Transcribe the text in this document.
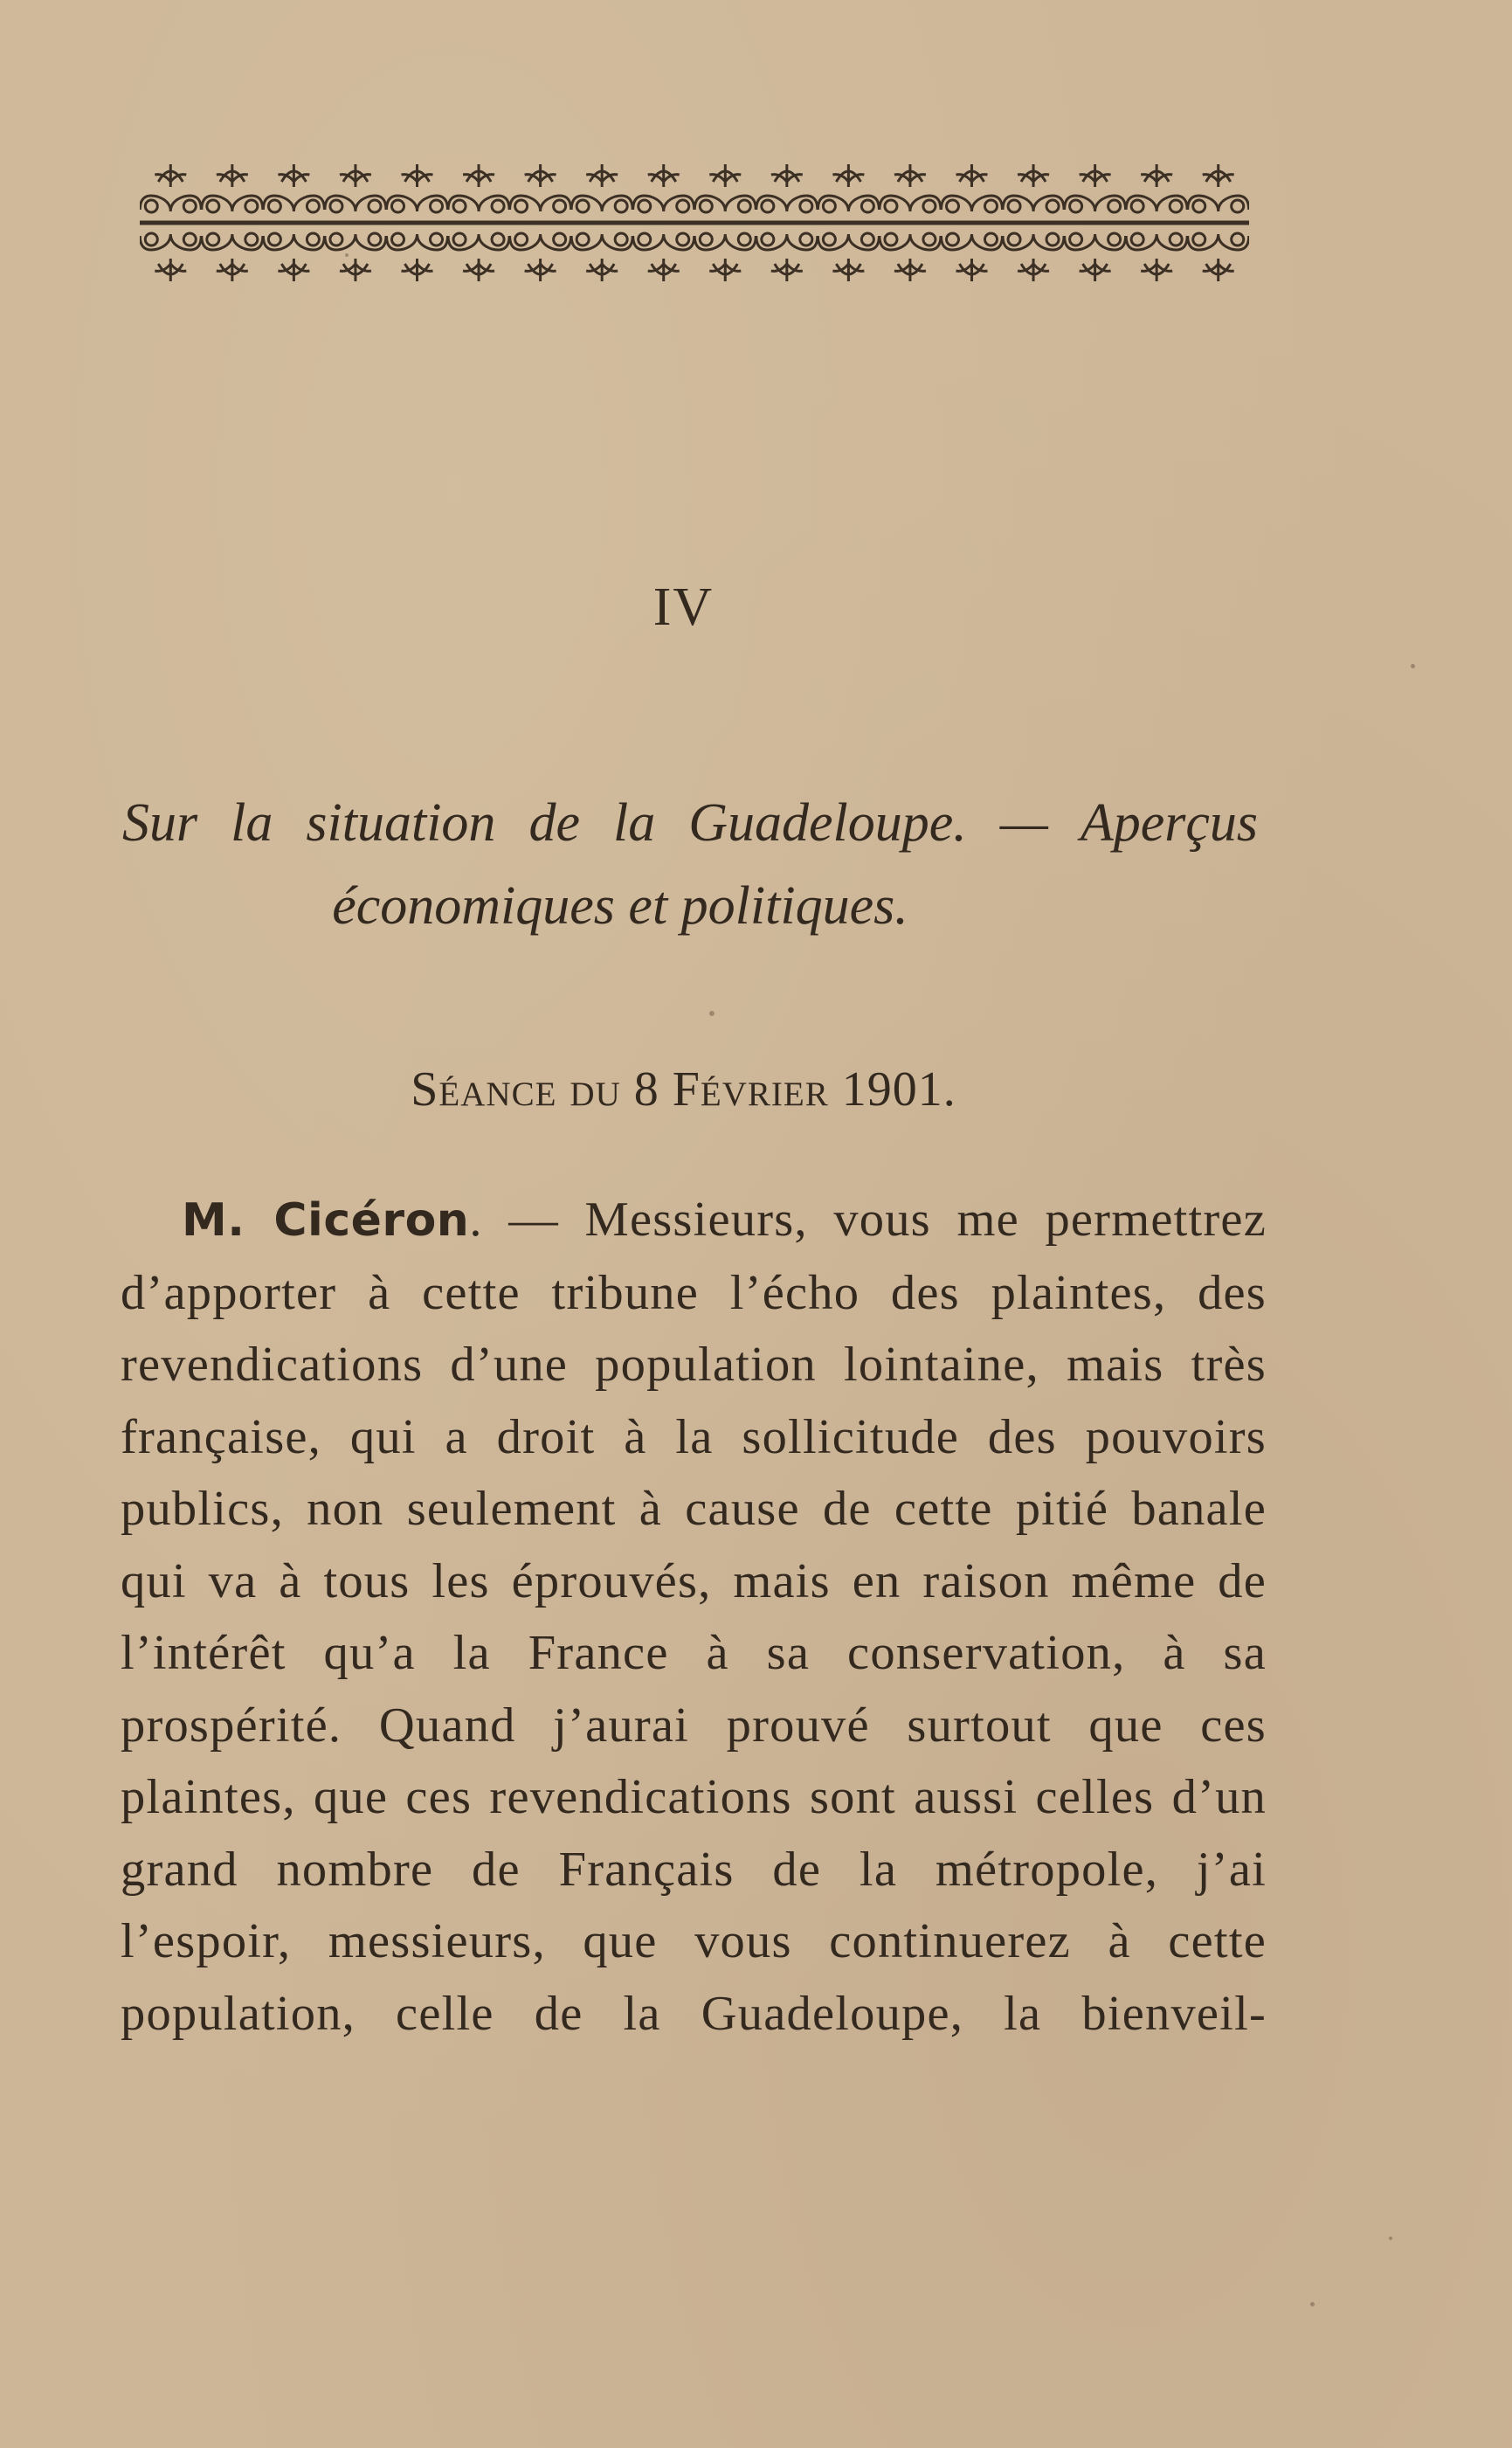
IV
Sur la situation de la Guadeloupe. — Aperçus
économiques et politiques.
Séance du 8 Février 1901.
M. Cicéron. — Messieurs, vous me permettrez d’apporter à cette tribune l’écho des plaintes, des revendications d’une population lointaine, mais très française, qui a droit à la sollicitude des pouvoirs publics, non seulement à cause de cette pitié banale qui va à tous les éprouvés, mais en raison même de l’intérêt qu’a la France à sa conservation, à sa prospérité. Quand j’aurai prouvé surtout que ces plaintes, que ces revendications sont aussi celles d’un grand nombre de Français de la métropole, j’ai l’espoir, messieurs, que vous continuerez à cette population, celle de la Guadeloupe, la bienveil-
